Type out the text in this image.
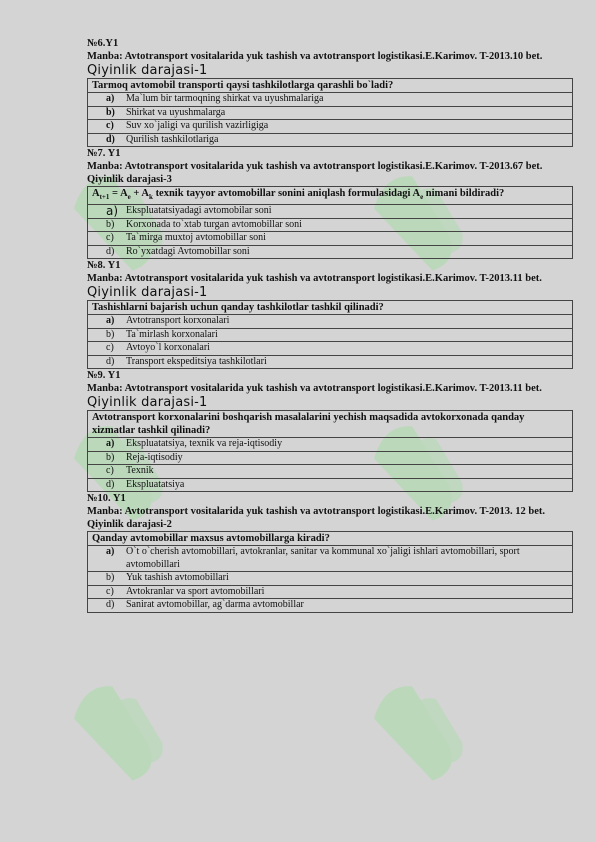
№6.Y1
Manba: Avtotransport vositalarida yuk tashish va avtotransport logistikasi.E.Karimov. T-2013.10 bet.
Qiyinlik darajasi-1
Tarmoq avtomobil transporti qaysi tashkilotlarga qarashli bo`ladi?	
a)	Ma`lum bir tarmoqning shirkat va uyushmalariga
b)	Shirkat va uyushmalarga
c)	Suv xo`jaligi va qurilish vazirligiga
d)	Qurilish tashkilotlariga
№7. Y1
Manba: Avtotransport vositalarida yuk tashish va avtotransport logistikasi.E.Karimov. T-2013.67 bet.
Qiyinlik darajasi-3
$A_{t+1} = A_e + A_k$ texnik tayyor avtomobillar sonini aniqlash formulasidagi $A_e$ nimani bildiradi?	
a)	Ekspluatatsiyadagi avtomobilar soni
b)	Korxonada to`xtab turgan avtomobillar soni
c)	Ta`mirga muxtoj avtomobillar soni
d)	Ro`yxatdagi Avtomobillar soni
№8. Y1
Manba: Avtotransport vositalarida yuk tashish va avtotransport logistikasi.E.Karimov. T-2013.11 bet.
Qiyinlik darajasi-1
Tashishlarni bajarish uchun qanday tashkilotlar tashkil qilinadi?	
a)	Avtotransport korxonalari
b)	Ta`mirlash korxonalari
c)	Avtoyo`l korxonalari
d)	Transport ekspeditsiya tashkilotlari
№9. Y1
Manba: Avtotransport vositalarida yuk tashish va avtotransport logistikasi.E.Karimov. T-2013.11 bet.
Qiyinlik darajasi-1
Avtotransport korxonalarini boshqarish masalalarini yechish maqsadida avtokorxonada qanday xizmatlar tashkil qilinadi?	
a)	Ekspluatatsiya, texnik va reja-iqtisodiy
b)	Reja-iqtisodiy
c)	Texnik
d)	Ekspluatatsiya
№10. Y1
Manba: Avtotransport vositalarida yuk tashish va avtotransport logistikasi.E.Karimov. T-2013. 12 bet.
Qiyinlik darajasi-2
Qanday avtomobillar maxsus avtomobillarga kiradi?	
a)	O`t o`cherish avtomobillari, avtokranlar, sanitar va kommunal xo`jaligi ishlari avtomobillari, sport avtomobillari
b)	Yuk tashish avtomobillari
c)	Avtokranlar va sport avtomobillari
d)	Sanirat avtomobillar, ag`darma avtomobillar
